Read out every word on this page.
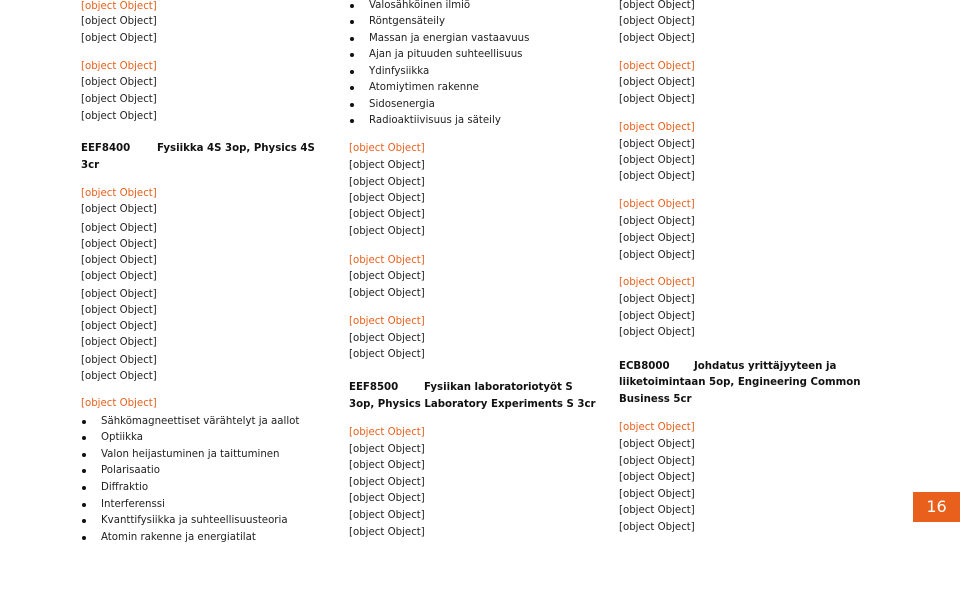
[object Object]
[object Object]
[object Object]
[object Object]
[object Object]
[object Object]
[object Object]
EEF8400	Fysiikka 4S 3op, Physics 4S
3cr
[object Object]
[object Object]
[object Object]
[object Object]
[object Object]
[object Object]
[object Object]
[object Object]
[object Object]
[object Object]
[object Object]
[object Object]
[object Object]
Sähkömagneettiset värähtelyt ja aallot
Optiikka
Valon heijastuminen ja taittuminen
Polarisaatio
Diffraktio
Interferenssi
Kvanttifysiikka ja suhteellisuusteoria
Atomin rakenne ja energiatilat
Valosähköinen ilmiö
Röntgensäteily
Massan ja energian vastaavuus
Ajan ja pituuden suhteellisuus
Ydinfysiikka
Atomiytimen rakenne
Sidosenergia
Radioaktiivisuus ja säteily
[object Object]
[object Object]
[object Object]
[object Object]
[object Object]
[object Object]
[object Object]
[object Object]
[object Object]
[object Object]
[object Object]
[object Object]
EEF8500	Fysiikan laboratoriotyöt S
3op, Physics Laboratory Experiments S 3cr
[object Object]
[object Object]
[object Object]
[object Object]
[object Object]
[object Object]
[object Object]
[object Object]
[object Object]
[object Object]
[object Object]
[object Object]
[object Object]
[object Object]
[object Object]
[object Object]
[object Object]
[object Object]
[object Object]
[object Object]
[object Object]
[object Object]
[object Object]
[object Object]
[object Object]
ECB8000 Johdatus yrittäjyyteen ja
liiketoimintaan 5op, Engineering Common
Business 5cr
[object Object]
[object Object]
[object Object]
[object Object]
[object Object]
[object Object]
[object Object]
16
